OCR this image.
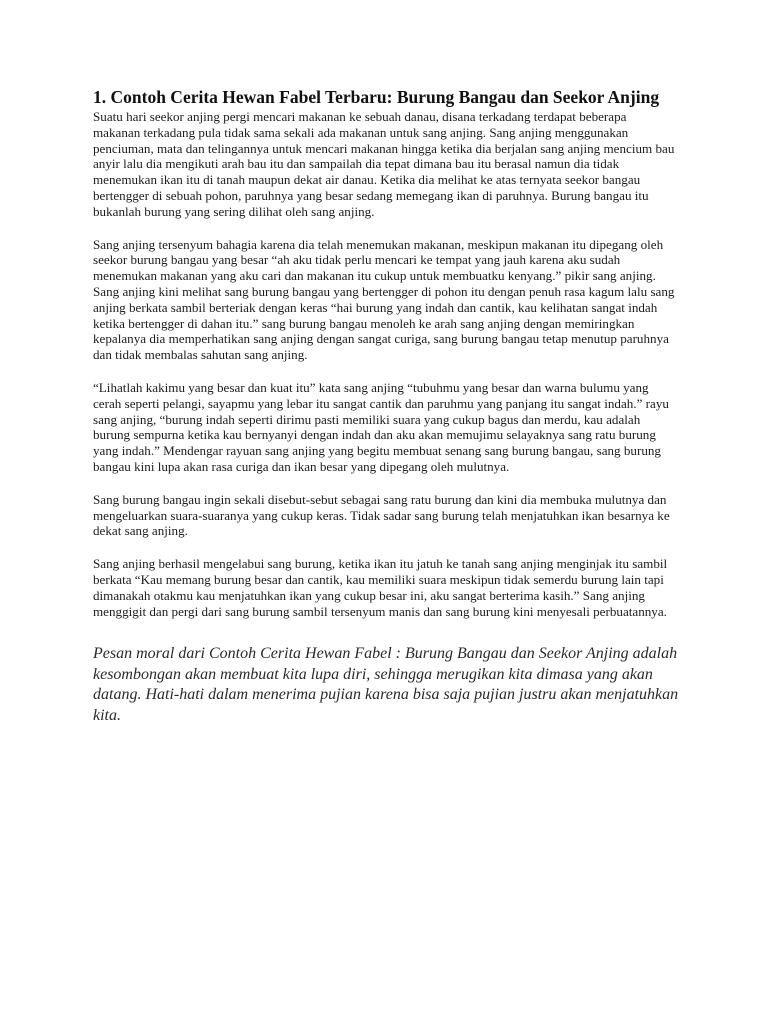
1. Contoh Cerita Hewan Fabel Terbaru: Burung Bangau dan Seekor Anjing

Suatu hari seekor anjing pergi mencari makanan ke sebuah danau, disana terkadang terdapat beberapa makanan terkadang pula tidak sama sekali ada makanan untuk sang anjing. Sang anjing menggunakan penciuman, mata dan telingannya untuk mencari makanan hingga ketika dia berjalan sang anjing mencium bau anyir lalu dia mengikuti arah bau itu dan sampailah dia tepat dimana bau itu berasal namun dia tidak menemukan ikan itu di tanah maupun dekat air danau. Ketika dia melihat ke atas ternyata seekor bangau bertengger di sebuah pohon, paruhnya yang besar sedang memegang ikan di paruhnya. Burung bangau itu bukanlah burung yang sering dilihat oleh sang anjing.

Sang anjing tersenyum bahagia karena dia telah menemukan makanan, meskipun makanan itu dipegang oleh seekor burung bangau yang besar “ah aku tidak perlu mencari ke tempat yang jauh karena aku sudah menemukan makanan yang aku cari dan makanan itu cukup untuk membuatku kenyang.” pikir sang anjing. Sang anjing kini melihat sang burung bangau yang bertengger di pohon itu dengan penuh rasa kagum lalu sang anjing berkata sambil berteriak dengan keras “hai burung yang indah dan cantik, kau kelihatan sangat indah ketika bertengger di dahan itu.” sang burung bangau menoleh ke arah sang anjing dengan memiringkan kepalanya dia memperhatikan sang anjing dengan sangat curiga, sang burung bangau tetap menutup paruhnya dan tidak membalas sahutan sang anjing.

“Lihatlah kakimu yang besar dan kuat itu” kata sang anjing “tubuhmu yang besar dan warna bulumu yang cerah seperti pelangi, sayapmu yang lebar itu sangat cantik dan paruhmu yang panjang itu sangat indah.” rayu sang anjing, “burung indah seperti dirimu pasti memiliki suara yang cukup bagus dan merdu, kau adalah burung sempurna ketika kau bernyanyi dengan indah dan aku akan memujimu selayaknya sang ratu burung yang indah.” Mendengar rayuan sang anjing yang begitu membuat senang sang burung bangau, sang burung bangau kini lupa akan rasa curiga dan ikan besar yang dipegang oleh mulutnya.

Sang burung bangau ingin sekali disebut-sebut sebagai sang ratu burung dan kini dia membuka mulutnya dan mengeluarkan suara-suaranya yang cukup keras. Tidak sadar sang burung telah menjatuhkan ikan besarnya ke dekat sang anjing.

Sang anjing berhasil mengelabui sang burung, ketika ikan itu jatuh ke tanah sang anjing menginjak itu sambil berkata “Kau memang burung besar dan cantik, kau memiliki suara meskipun tidak semerdu burung lain tapi dimanakah otakmu kau menjatuhkan ikan yang cukup besar ini, aku sangat berterima kasih.” Sang anjing menggigit dan pergi dari sang burung sambil tersenyum manis dan sang burung kini menyesali perbuatannya.

Pesan moral dari Contoh Cerita Hewan Fabel : Burung Bangau dan Seekor Anjing adalah kesombongan akan membuat kita lupa diri, sehingga merugikan kita dimasa yang akan datang. Hati-hati dalam menerima pujian karena bisa saja pujian justru akan menjatuhkan kita.
